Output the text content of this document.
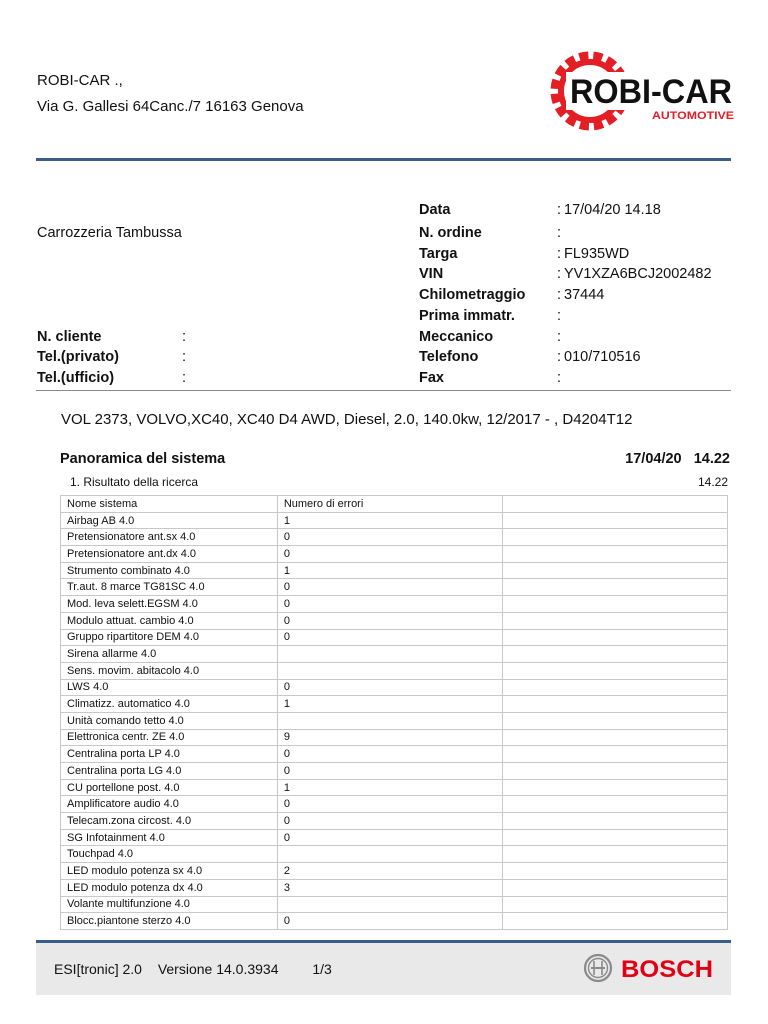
ROBI-CAR .,
Via G. Gallesi 64Canc./7 16163 Genova	ROBI-CAR
AUTOMOTIVE
Carrozzeria Tambussa
Data	: 17/04/20 14.18
N. ordine	:
Targa	: FL935WD
VIN	: YV1XZA6BCJ2002482
Chilometraggio : 37444
Prima immatr.	:
N. cliente	:	Meccanico	:
Tel.(privato)	:	Telefono	: 010/710516
Tel.(ufficio)	:	Fax	:
VOL 2373, VOLVO,XC40, XC40 D4 AWD, Diesel, 2.0, 140.0kw, 12/2017 - , D4204T12
Panoramica del sistema	17/04/20 14.22
1. Risultato della ricerca	14.22
Nome sistema	Numero di errori	
Airbag AB 4.0	1	
Pretensionatore ant.sx 4.0	0	
Pretensionatore ant.dx 4.0	0	
Strumento combinato 4.0	1	
Tr.aut. 8 marce TG81SC 4.0	0	
Mod. leva selett.EGSM 4.0	0	
Modulo attuat. cambio 4.0	0	
Gruppo ripartitore DEM 4.0	0	
Sirena allarme 4.0		
Sens. movim. abitacolo 4.0		
LWS 4.0	0	
Climatizz. automatico 4.0	1	
Unità comando tetto 4.0		
Elettronica centr. ZE 4.0	9	
Centralina porta LP 4.0	0	
Centralina porta LG 4.0	0	
CU portellone post. 4.0	1	
Amplificatore audio 4.0	0	
Telecam.zona circost. 4.0	0	
SG Infotainment 4.0	0	
Touchpad 4.0		
LED modulo potenza sx 4.0	2	
LED modulo potenza dx 4.0	3	
Volante multifunzione 4.0		
Blocc.piantone sterzo 4.0	0	
ESI[tronic] 2.0 Versione 14.0.3934 1/3	BOSCH
